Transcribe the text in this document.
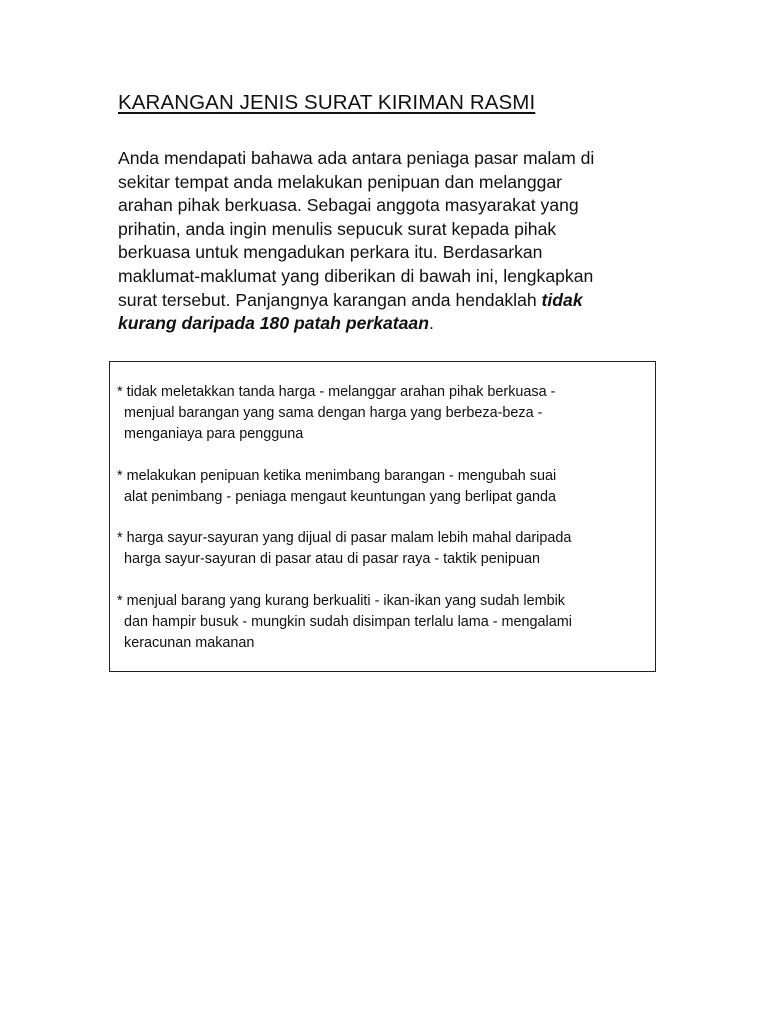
KARANGAN JENIS SURAT KIRIMAN RASMI

Anda mendapati bahawa ada antara peniaga pasar malam di
sekitar tempat anda melakukan penipuan dan melanggar
arahan pihak berkuasa. Sebagai anggota masyarakat yang
prihatin, anda ingin menulis sepucuk surat kepada pihak
berkuasa untuk mengadukan perkara itu. Berdasarkan
maklumat-maklumat yang diberikan di bawah ini, lengkapkan
surat tersebut. Panjangnya karangan anda hendaklah tidak
kurang daripada 180 patah perkataan.

* tidak meletakkan tanda harga - melanggar arahan pihak berkuasa -
menjual barangan yang sama dengan harga yang berbeza-beza -
menganiaya para pengguna
* melakukan penipuan ketika menimbang barangan - mengubah suai
alat penimbang - peniaga mengaut keuntungan yang berlipat ganda
* harga sayur-sayuran yang dijual di pasar malam lebih mahal daripada
harga sayur-sayuran di pasar atau di pasar raya - taktik penipuan
* menjual barang yang kurang berkualiti - ikan-ikan yang sudah lembik
dan hampir busuk - mungkin sudah disimpan terlalu lama - mengalami
keracunan makanan
